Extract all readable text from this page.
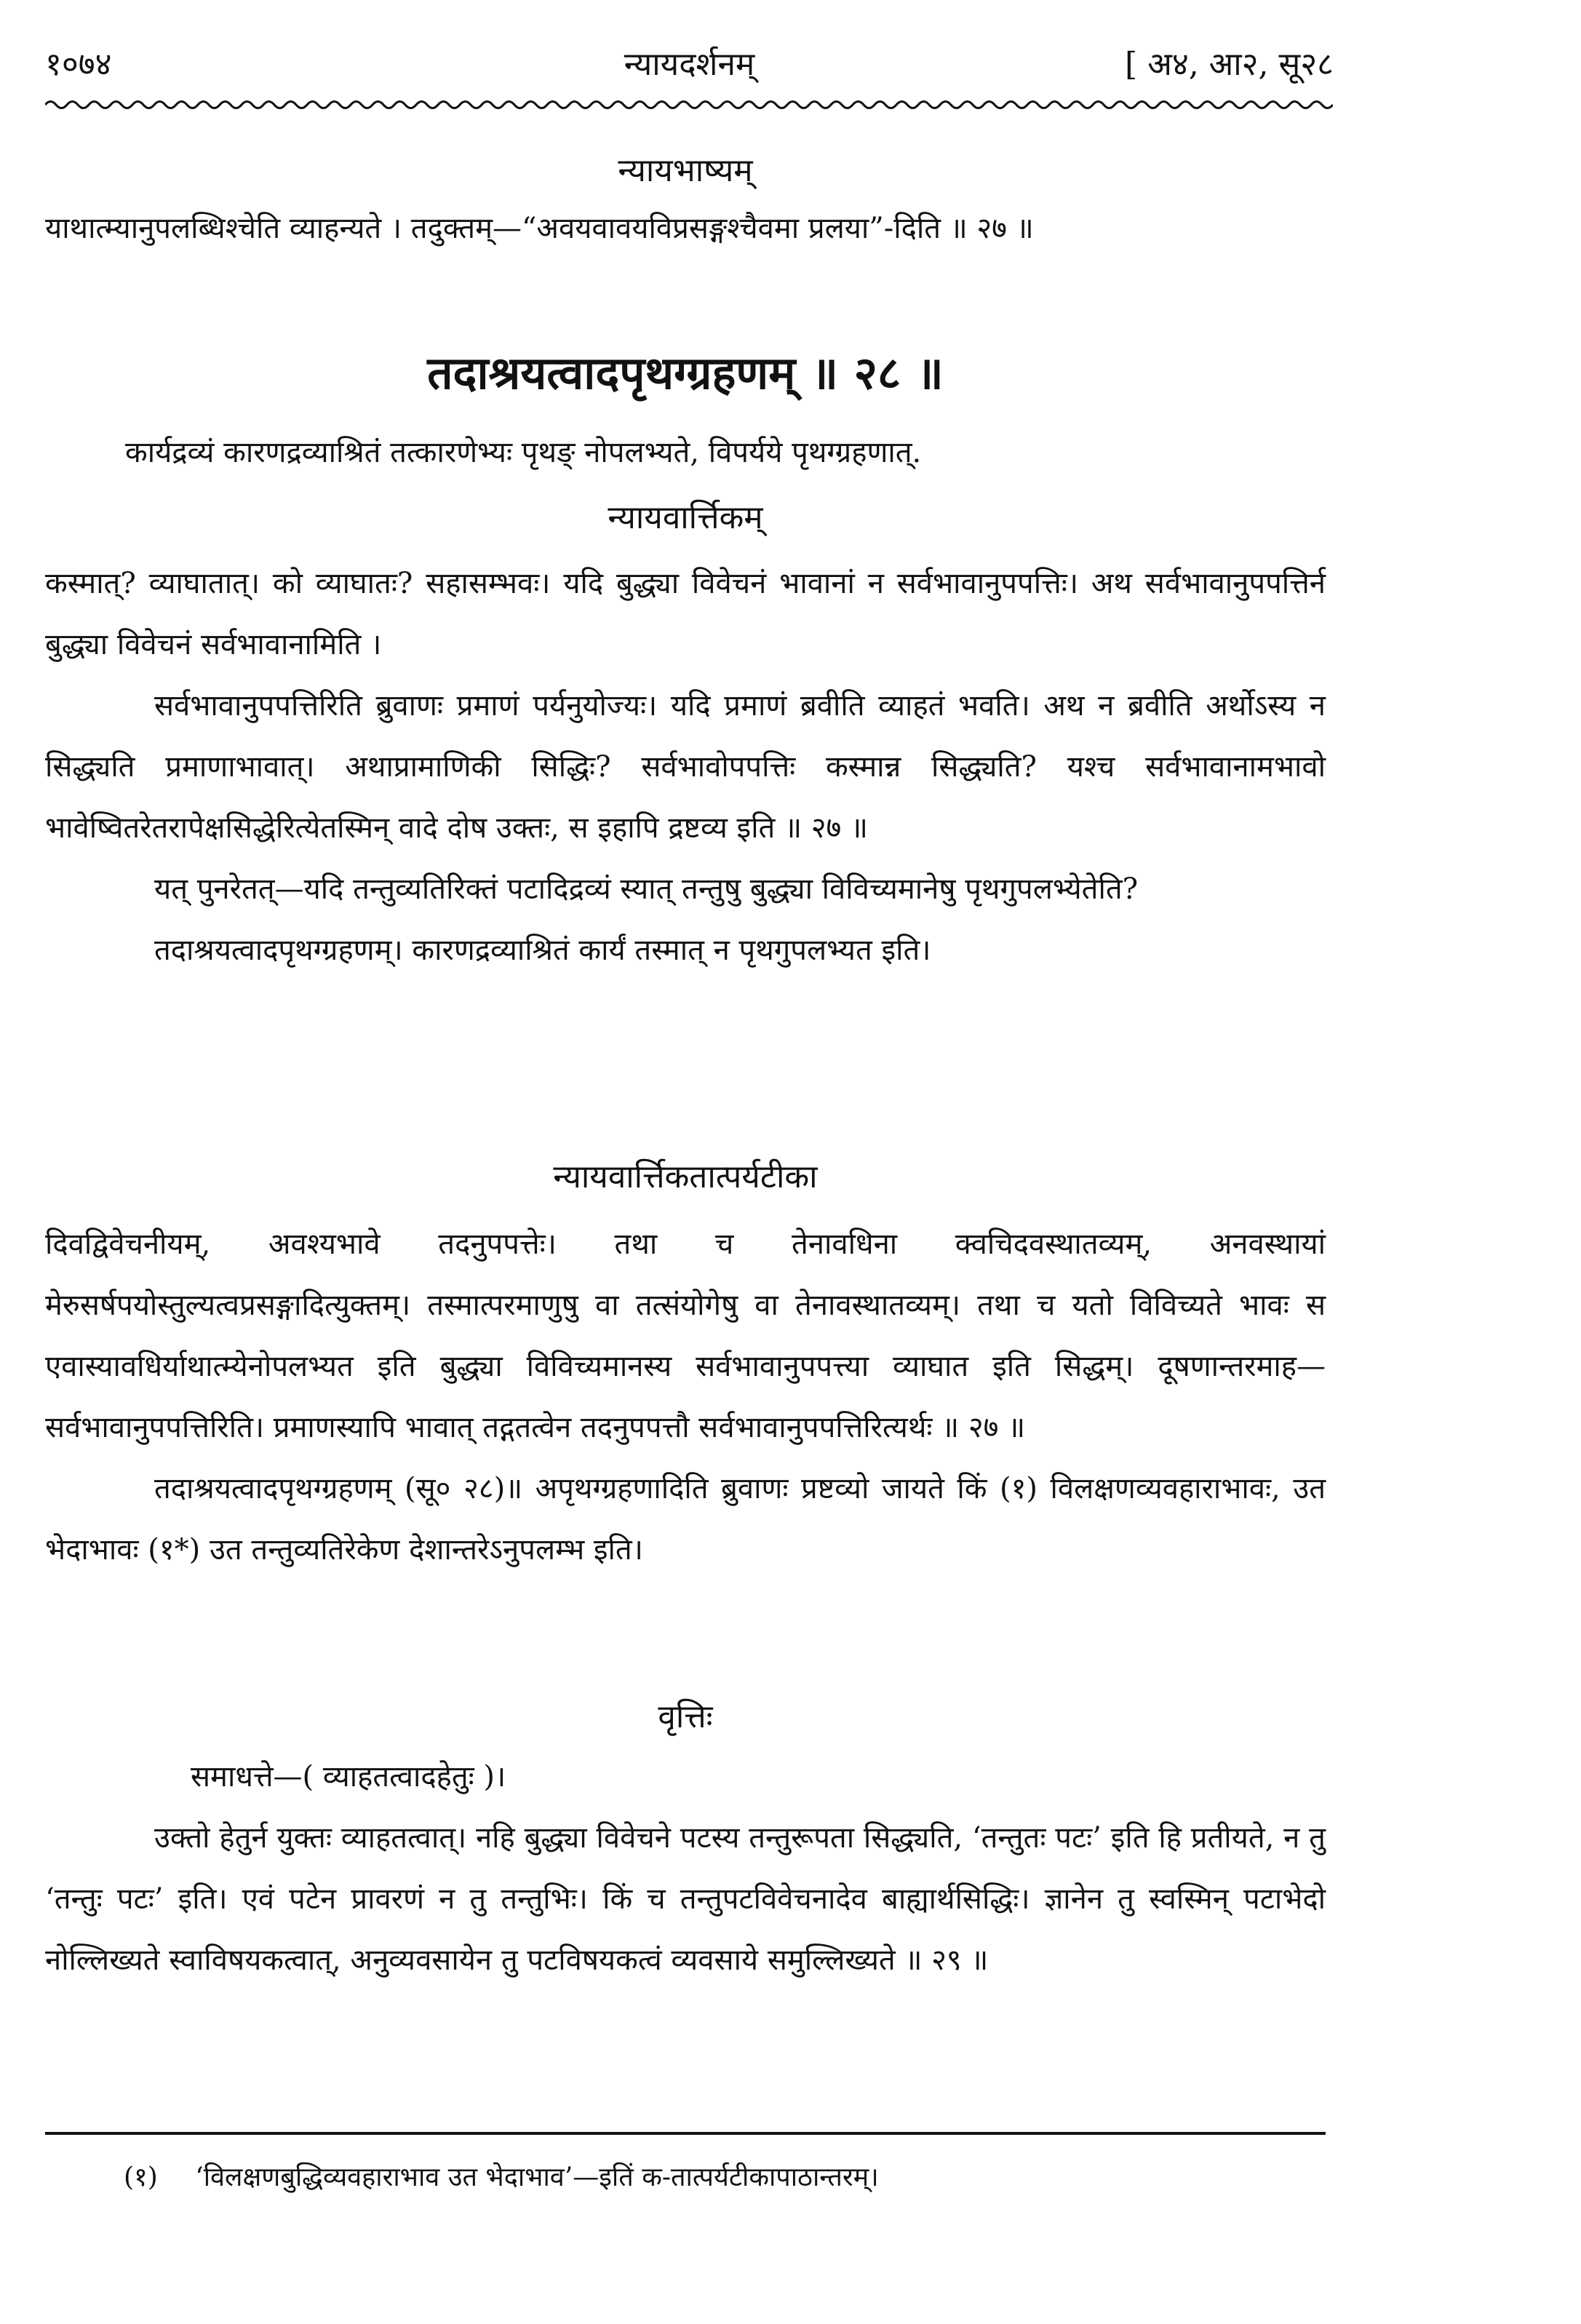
१०७४	न्यायदर्शनम्	[ अ४, आ२, सू२८
न्यायभाष्यम्

याथात्म्यानुपलब्धिश्चेति व्याहन्यते । तदुक्तम्—“अवयवावयविप्रसङ्गश्चैवमा प्रलया”-दिति ॥ २७ ॥

तदाश्रयत्वादपृथग्ग्रहणम् ॥ २८ ॥

कार्यद्रव्यं कारणद्रव्याश्रितं तत्कारणेभ्यः पृथङ् नोपलभ्यते, विपर्यये पृथग्ग्रहणात्.

न्यायवार्त्तिकम्

कस्मात्? व्याघातात्। को व्याघातः? सहासम्भवः। यदि बुद्ध्या विवेचनं भावानां न सर्वभावानुपपत्तिः। अथ सर्वभावानुपपत्तिर्न बुद्ध्या विवेचनं सर्वभावानामिति ।

सर्वभावानुपपत्तिरिति ब्रुवाणः प्रमाणं पर्यनुयोज्यः। यदि प्रमाणं ब्रवीति व्याहतं भवति। अथ न ब्रवीति अर्थोऽस्य न सिद्ध्यति प्रमाणाभावात्। अथाप्रामाणिकी सिद्धिः? सर्वभावोपपत्तिः कस्मान्न सिद्ध्यति? यश्च सर्वभावानामभावो भावेष्वितरेतरापेक्षसिद्धेरित्येतस्मिन् वादे दोष उक्तः, स इहापि द्रष्टव्य इति ॥ २७ ॥

यत् पुनरेतत्—यदि तन्तुव्यतिरिक्तं पटादिद्रव्यं स्यात् तन्तुषु बुद्ध्या विविच्यमानेषु पृथगुपलभ्येतेति?

तदाश्रयत्वादपृथग्ग्रहणम्। कारणद्रव्याश्रितं कार्यं तस्मात् न पृथगुपलभ्यत इति।

न्यायवार्त्तिकतात्पर्यटीका

दिवद्विवेचनीयम्, अवश्यभावे तदनुपपत्तेः। तथा च तेनावधिना क्वचिदवस्थातव्यम्, अनवस्थायां मेरुसर्षपयोस्तुल्यत्वप्रसङ्गादित्युक्तम्। तस्मात्परमाणुषु वा तत्संयोगेषु वा तेनावस्थातव्यम्। तथा च यतो विविच्यते भावः स एवास्यावधिर्याथात्म्येनोपलभ्यत इति बुद्ध्या विविच्यमानस्य सर्वभावानुपपत्त्या व्याघात इति सिद्धम्। दूषणान्तरमाह—सर्वभावानुपपत्तिरिति। प्रमाणस्यापि भावात् तद्गतत्वेन तदनुपपत्तौ सर्वभावानुपपत्तिरित्यर्थः ॥ २७ ॥

तदाश्रयत्वादपृथग्ग्रहणम् (सू० २८)॥ अपृथग्ग्रहणादिति ब्रुवाणः प्रष्टव्यो जायते किं (१) विलक्षणव्यवहाराभावः, उत भेदाभावः (१*) उत तन्तुव्यतिरेकेण देशान्तरेऽनुपलम्भ इति।

वृत्तिः

समाधत्ते—( व्याहतत्वादहेतुः )।

उक्तो हेतुर्न युक्तः व्याहतत्वात्। नहि बुद्ध्या विवेचने पटस्य तन्तुरूपता सिद्ध्यति, ‘तन्तुतः पटः’ इति हि प्रतीयते, न तु ‘तन्तुः पटः’ इति। एवं पटेन प्रावरणं न तु तन्तुभिः। किं च तन्तुपटविवेचनादेव बाह्यार्थसिद्धिः। ज्ञानेन तु स्वस्मिन् पटाभेदो नोल्लिख्यते स्वाविषयकत्वात्, अनुव्यवसायेन तु पटविषयकत्वं व्यवसाये समुल्लिख्यते ॥ २९ ॥

(१) ‘विलक्षणबुद्धिव्यवहाराभाव उत भेदाभाव’—इतिं क-तात्पर्यटीकापाठान्तरम्।
